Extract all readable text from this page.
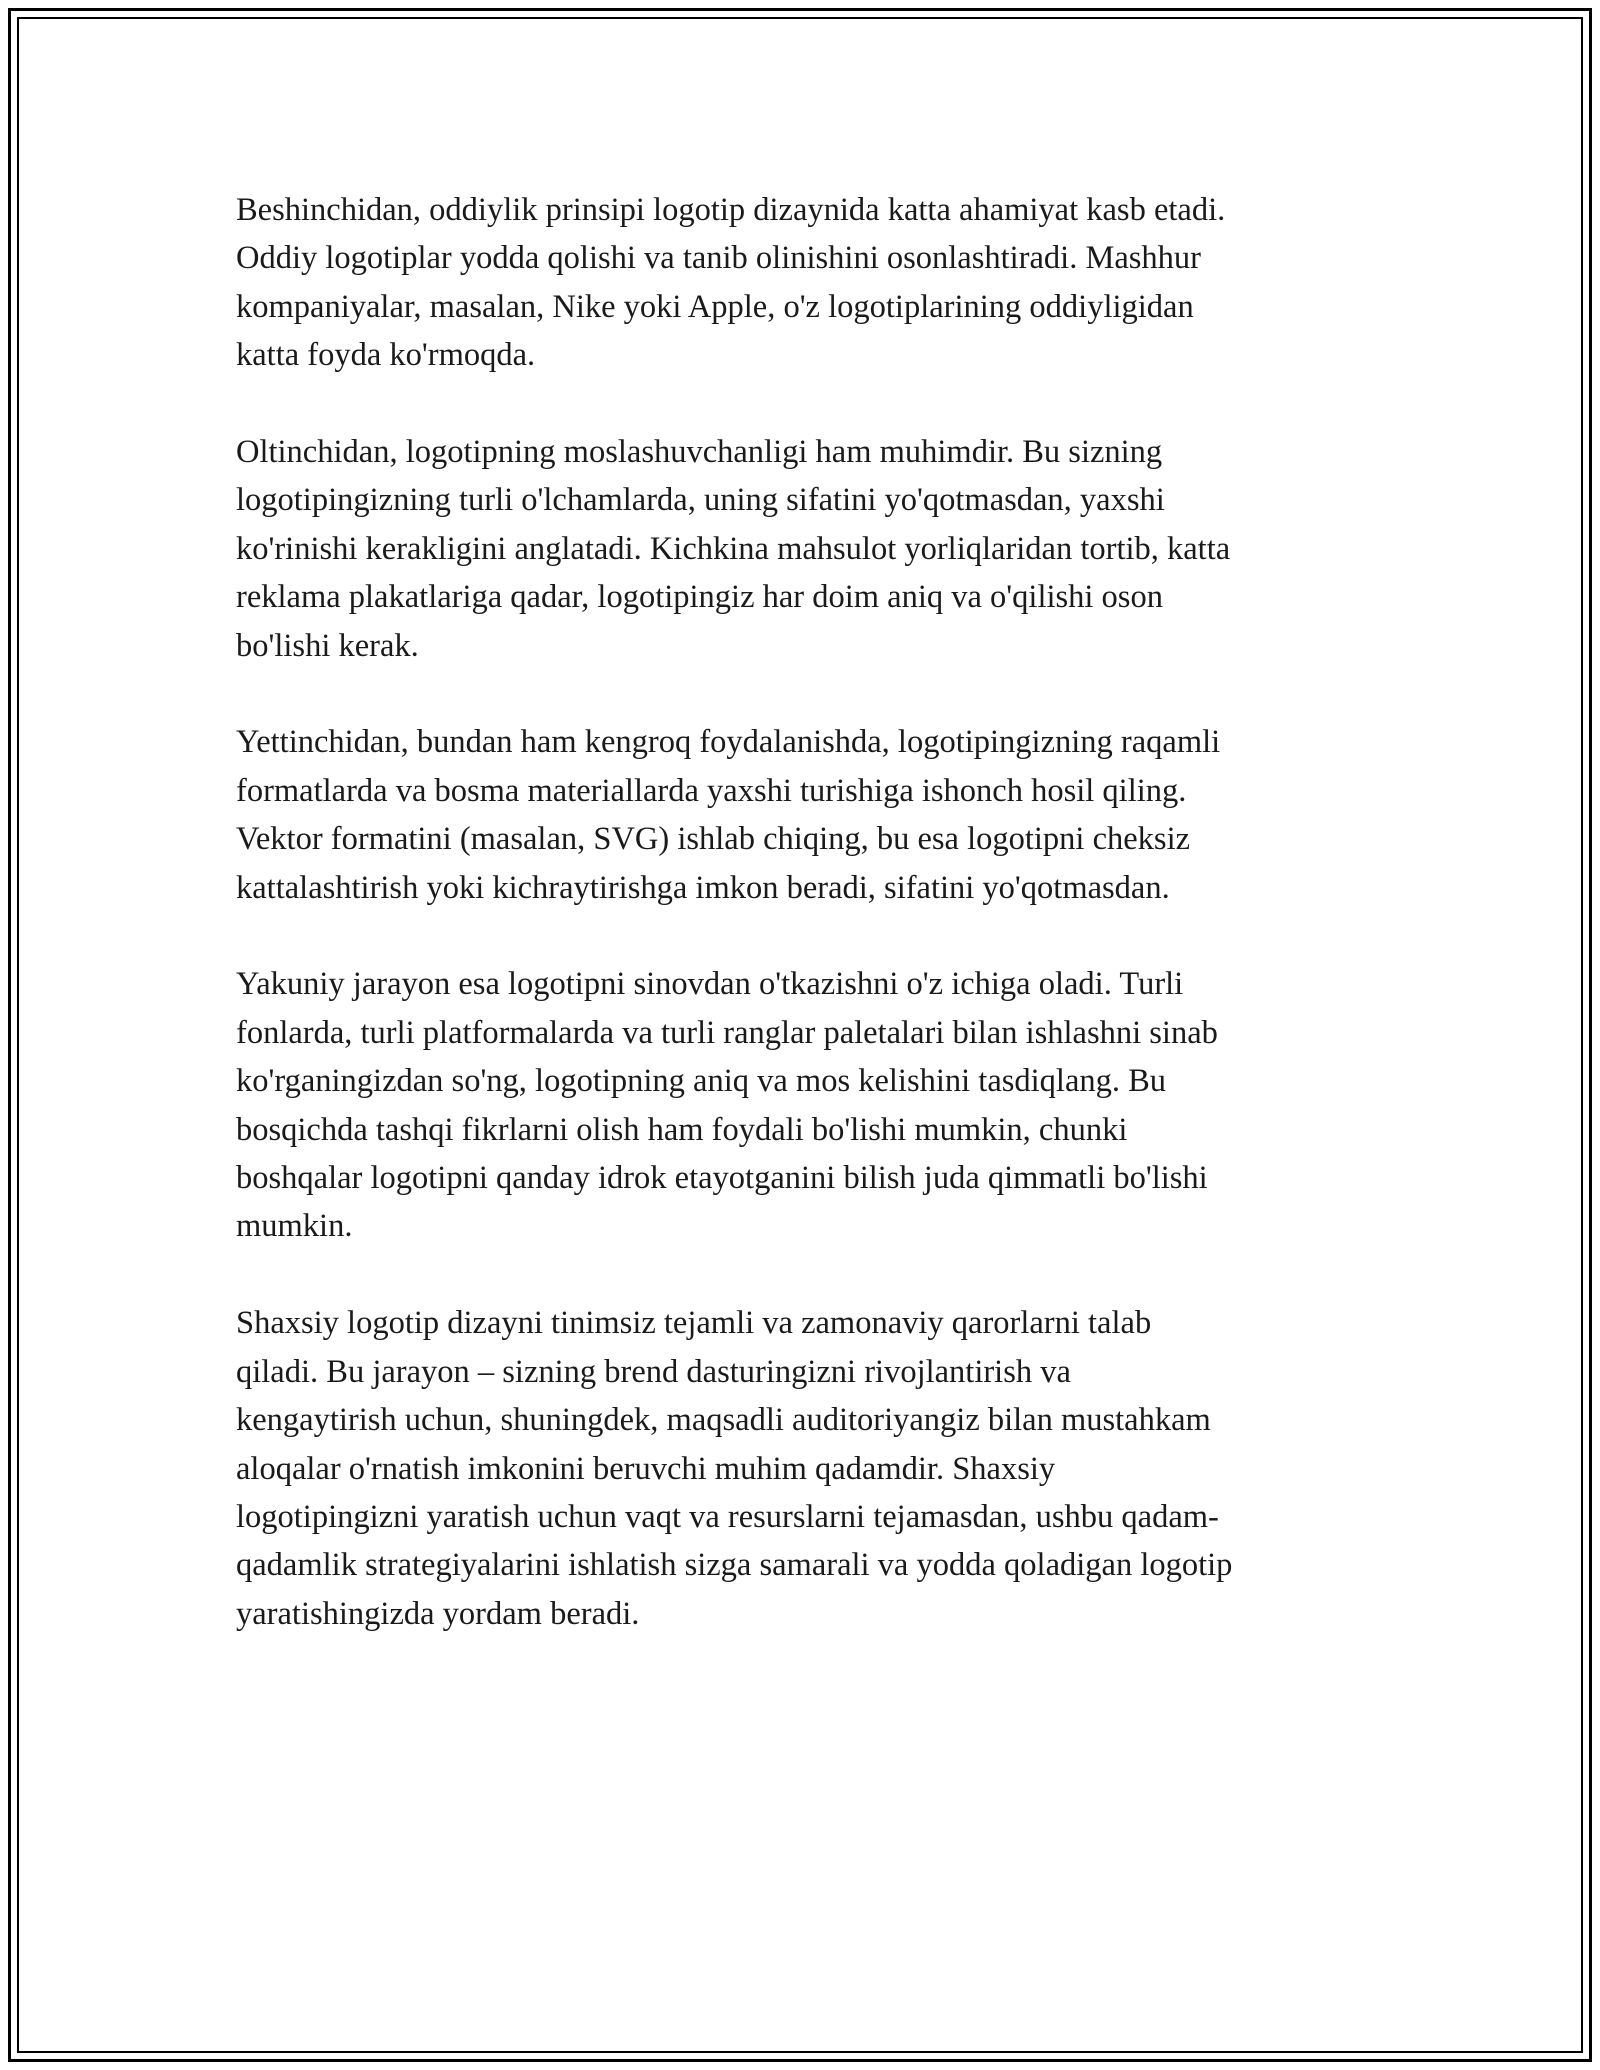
Beshinchidan, oddiylik prinsipi logotip dizaynida katta ahamiyat kasb etadi.
Oddiy logotiplar yodda qolishi va tanib olinishini osonlashtiradi. Mashhur
kompaniyalar, masalan, Nike yoki Apple, o'z logotiplarining oddiyligidan
katta foyda ko'rmoqda.

Oltinchidan, logotipning moslashuvchanligi ham muhimdir. Bu sizning
logotipingizning turli o'lchamlarda, uning sifatini yo'qotmasdan, yaxshi
ko'rinishi kerakligini anglatadi. Kichkina mahsulot yorliqlaridan tortib, katta
reklama plakatlariga qadar, logotipingiz har doim aniq va o'qilishi oson
bo'lishi kerak.

Yettinchidan, bundan ham kengroq foydalanishda, logotipingizning raqamli
formatlarda va bosma materiallarda yaxshi turishiga ishonch hosil qiling.
Vektor formatini (masalan, SVG) ishlab chiqing, bu esa logotipni cheksiz
kattalashtirish yoki kichraytirishga imkon beradi, sifatini yo'qotmasdan.

Yakuniy jarayon esa logotipni sinovdan o'tkazishni o'z ichiga oladi. Turli
fonlarda, turli platformalarda va turli ranglar paletalari bilan ishlashni sinab
ko'rganingizdan so'ng, logotipning aniq va mos kelishini tasdiqlang. Bu
bosqichda tashqi fikrlarni olish ham foydali bo'lishi mumkin, chunki
boshqalar logotipni qanday idrok etayotganini bilish juda qimmatli bo'lishi
mumkin.

Shaxsiy logotip dizayni tinimsiz tejamli va zamonaviy qarorlarni talab
qiladi. Bu jarayon – sizning brend dasturingizni rivojlantirish va
kengaytirish uchun, shuningdek, maqsadli auditoriyangiz bilan mustahkam
aloqalar o'rnatish imkonini beruvchi muhim qadamdir. Shaxsiy
logotipingizni yaratish uchun vaqt va resurslarni tejamasdan, ushbu qadam-
qadamlik strategiyalarini ishlatish sizga samarali va yodda qoladigan logotip
yaratishingizda yordam beradi.
